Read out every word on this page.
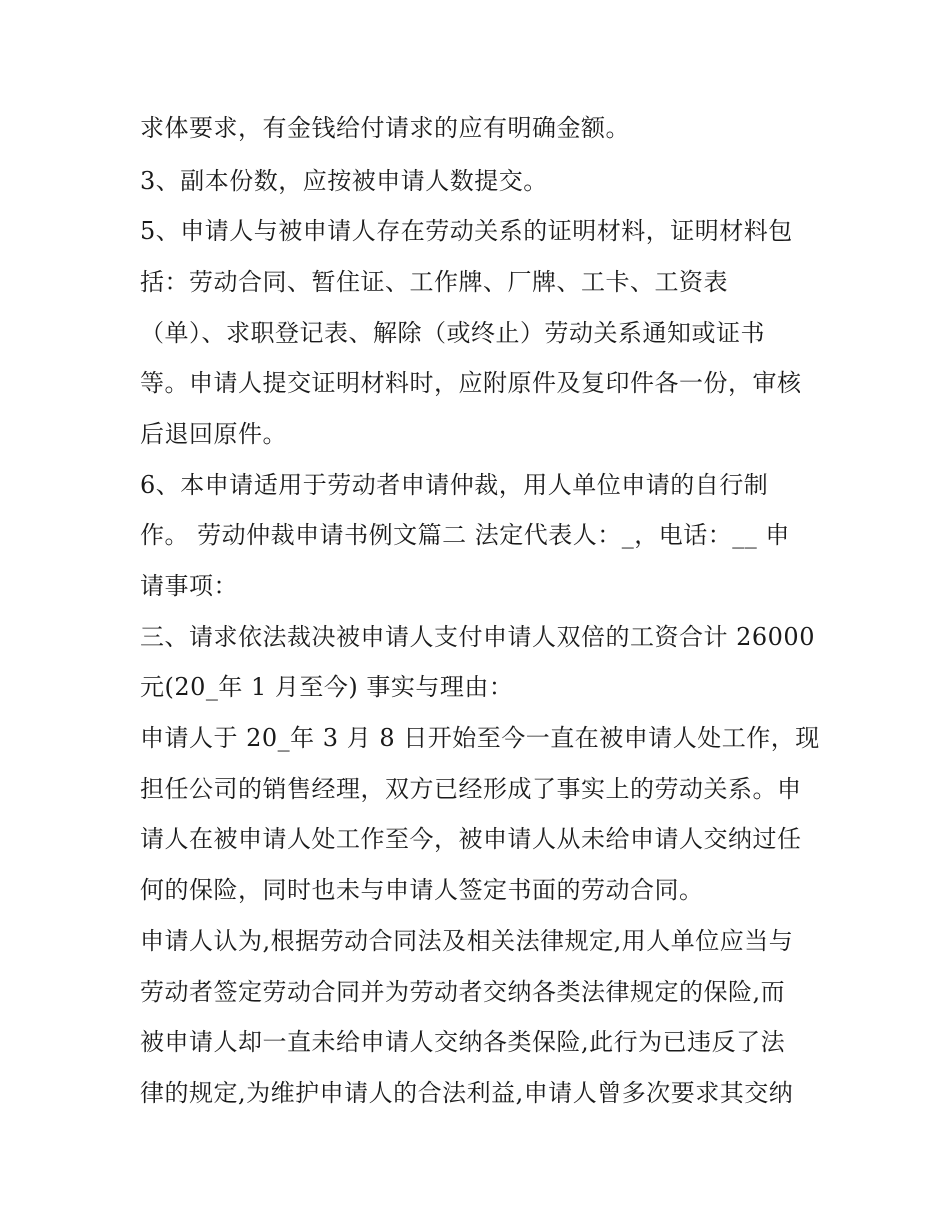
求体要求，有金钱给付请求的应有明确金额。
3、副本份数，应按被申请人数提交。
5、申请人与被申请人存在劳动关系的证明材料，证明材料包
括：劳动合同、暂住证、工作牌、厂牌、工卡、工资表
（单）、求职登记表、解除（或终止）劳动关系通知或证书
等。申请人提交证明材料时，应附原件及复印件各一份，审核
后退回原件。
6、本申请适用于劳动者申请仲裁，用人单位申请的自行制
作。 劳动仲裁申请书例文篇二 法定代表人：_，电话：__ 申
请事项：
三、请求依法裁决被申请人支付申请人双倍的工资合计 26000
元(20_年 1 月至今) 事实与理由：
申请人于 20_年 3 月 8 日开始至今一直在被申请人处工作，现
担任公司的销售经理，双方已经形成了事实上的劳动关系。申
请人在被申请人处工作至今，被申请人从未给申请人交纳过任
何的保险，同时也未与申请人签定书面的劳动合同。
申请人认为,根据劳动合同法及相关法律规定,用人单位应当与
劳动者签定劳动合同并为劳动者交纳各类法律规定的保险,而
被申请人却一直未给申请人交纳各类保险,此行为已违反了法
律的规定,为维护申请人的合法利益,申请人曾多次要求其交纳
